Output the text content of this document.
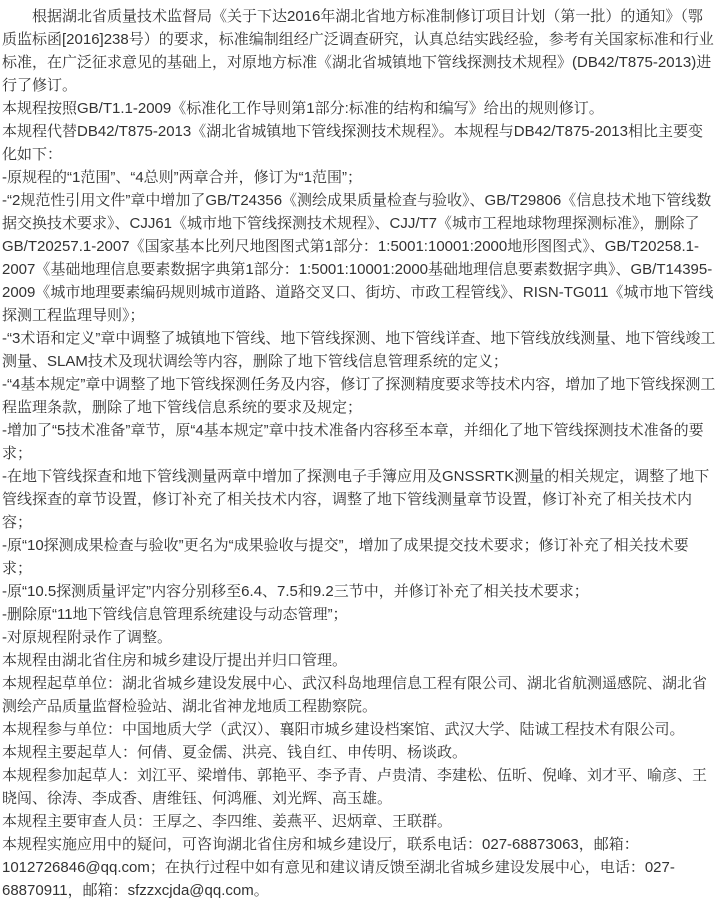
根据湖北省质量技术监督局《关于下达2016年湖北省地方标准制修订项目计划（第一批）的通知》（鄂质监标函[2016]238号）的要求，标准编制组经广泛调查研究，认真总结实践经验，参考有关国家标准和行业标准，在广泛征求意见的基础上，对原地方标准《湖北省城镇地下管线探测技术规程》(DB42/T875-2013)进行了修订。

本规程按照GB/T1.1-2009《标准化工作导则第1部分:标准的结构和编写》给出的规则修订。

本规程代替DB42/T875-2013《湖北省城镇地下管线探测技术规程》。本规程与DB42/T875-2013相比主要变化如下：

-原规程的“1范围”、“4总则”两章合并，修订为“1范围”；

-“2规范性引用文件”章中增加了GB/T24356《测绘成果质量检查与验收》、GB/T29806《信息技术地下管线数据交换技术要求》、CJJ61《城市地下管线探测技术规程》、CJJ/T7《城市工程地球物理探测标准》，删除了GB/T20257.1-2007《国家基本比列尺地图图式第1部分：1:5001:10001:2000地形图图式》、GB/T20258.1-2007《基础地理信息要素数据字典第1部分：1:5001:10001:2000基础地理信息要素数据字典》、GB/T14395-2009《城市地理要素编码规则城市道路、道路交叉口、街坊、市政工程管线》、RISN-TG011《城市地下管线探测工程监理导则》；

-“3术语和定义”章中调整了城镇地下管线、地下管线探测、地下管线详查、地下管线放线测量、地下管线竣工测量、SLAM技术及现状调绘等内容，删除了地下管线信息管理系统的定义；

-“4基本规定”章中调整了地下管线探测任务及内容，修订了探测精度要求等技术内容，增加了地下管线探测工程监理条款，删除了地下管线信息系统的要求及规定；

-增加了“5技术准备”章节，原“4基本规定”章中技术准备内容移至本章，并细化了地下管线探测技术准备的要求；

-在地下管线探查和地下管线测量两章中增加了探测电子手簿应用及GNSSRTK测量的相关规定，调整了地下管线探查的章节设置，修订补充了相关技术内容，调整了地下管线测量章节设置，修订补充了相关技术内容；

-原“10探测成果检查与验收”更名为“成果验收与提交”，增加了成果提交技术要求；修订补充了相关技术要求；

-原“10.5探测质量评定”内容分别移至6.4、7.5和9.2三节中，并修订补充了相关技术要求；

-删除原“11地下管线信息管理系统建设与动态管理”；

-对原规程附录作了调整。

本规程由湖北省住房和城乡建设厅提出并归口管理。

本规程起草单位：湖北省城乡建设发展中心、武汉科岛地理信息工程有限公司、湖北省航测遥感院、湖北省测绘产品质量监督检验站、湖北省神龙地质工程勘察院。

本规程参与单位：中国地质大学（武汉）、襄阳市城乡建设档案馆、武汉大学、陆诚工程技术有限公司。

本规程主要起草人：何倩、夏金儒、洪亮、钱自红、申传明、杨谈政。

本规程参加起草人：刘江平、梁增伟、郭艳平、李予青、卢贵清、李建松、伍昕、倪峰、刘才平、喻彦、王晓闯、徐涛、李成香、唐维钰、何鸿雁、刘光辉、高玉雄。

本规程主要审查人员：王厚之、李四维、姜燕平、迟炳章、王联群。

本规程实施应用中的疑问，可咨询湖北省住房和城乡建设厅，联系电话：027-68873063，邮箱：1012726846@qq.com；在执行过程中如有意见和建议请反馈至湖北省城乡建设发展中心，电话：027-68870911，邮箱：sfzzxcjda@qq.com。
